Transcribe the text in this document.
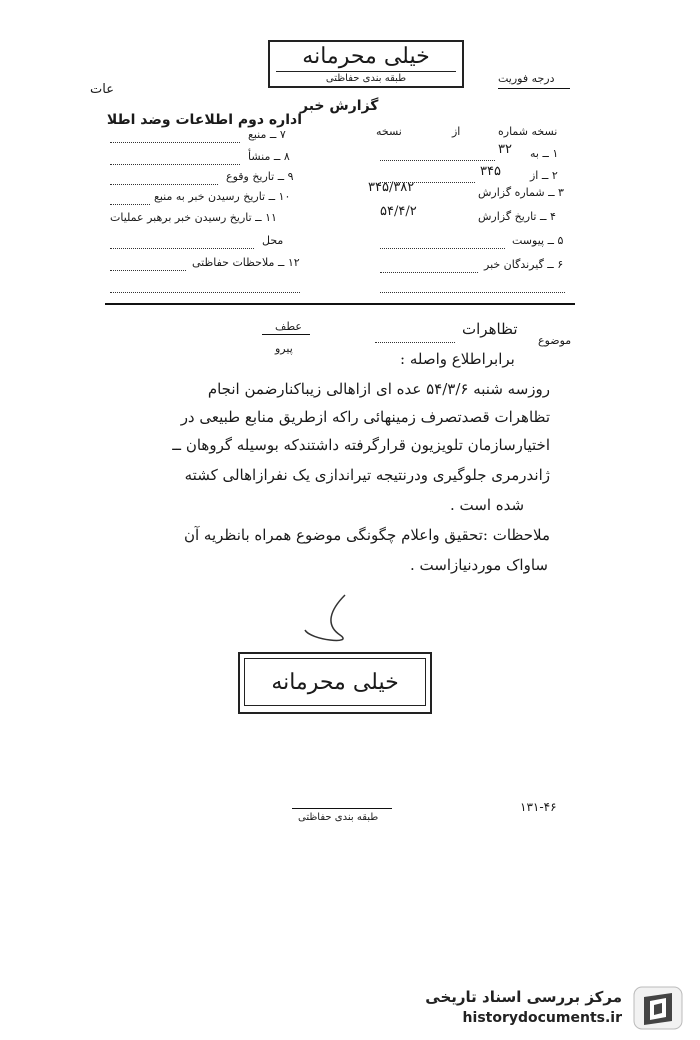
خیلی محرمانه
طبقه بندی حفاظتی	درجه فوریت
عات
گزارش خبر
اداره دوم اطلاعات وضد اطلا
نسخه شماره
از
نسخه
۱ ــ به
۳۲
۲ ــ از
۳۴۵
۳ ــ شماره گزارش
۳۴۵/۳۸۲
۴ ــ تاریخ گزارش
۵۴/۴/۲
۵ ــ پیوست
۶ ــ گیرندگان خبر
۷ ــ منبع
۸ ــ منشأ
۹ ــ تاریخ وقوع
۱۰ ــ تاریخ رسیدن خبر به منبع
۱۱ ــ تاریخ رسیدن خبر برهبر عملیات
محل
۱۲ ــ ملاحظات حفاظتی
موضوع
تظاهرات
عطف
پیرو
برابراطلاع واصله :
روزسه شنبه ۵۴/۳/۶ عده ای ازاهالی زیباکنارضمن انجام
تظاهرات قصدتصرف زمینهائی راکه ازطریق منابع طبیعی در
اختیارسازمان تلویزیون قرارگرفته داشتندکه بوسیله گروهان ــ
ژاندرمری جلوگیری ودرنتیجه تیراندازی یک نفرازاهالی کشته
شده است .
ملاحظات :تحقیق واعلام چگونگی موضوع همراه بانظریه آن
ساواک موردنیازاست .
خیلی محرمانه
طبقه بندی حفاظتی
۱۳۱-۴۶
مرکز بررسی اسناد تاریخی
historydocuments.ir
